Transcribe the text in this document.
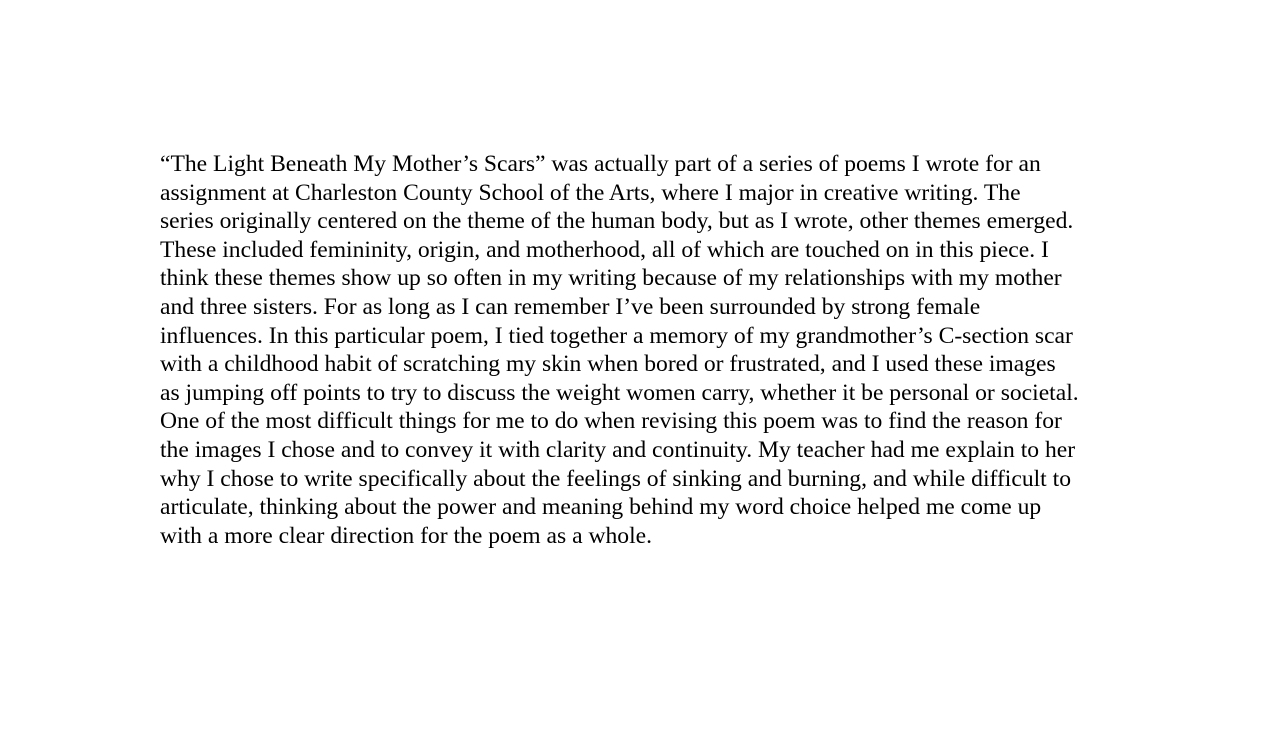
“The Light Beneath My Mother’s Scars” was actually part of a series of poems I wrote for an
assignment at Charleston County School of the Arts, where I major in creative writing. The
series originally centered on the theme of the human body, but as I wrote, other themes emerged.
These included femininity, origin, and motherhood, all of which are touched on in this piece. I
think these themes show up so often in my writing because of my relationships with my mother
and three sisters. For as long as I can remember I’ve been surrounded by strong female
influences. In this particular poem, I tied together a memory of my grandmother’s C-section scar
with a childhood habit of scratching my skin when bored or frustrated, and I used these images
as jumping off points to try to discuss the weight women carry, whether it be personal or societal.
One of the most difficult things for me to do when revising this poem was to find the reason for
the images I chose and to convey it with clarity and continuity. My teacher had me explain to her
why I chose to write specifically about the feelings of sinking and burning, and while difficult to
articulate, thinking about the power and meaning behind my word choice helped me come up
with a more clear direction for the poem as a whole.
